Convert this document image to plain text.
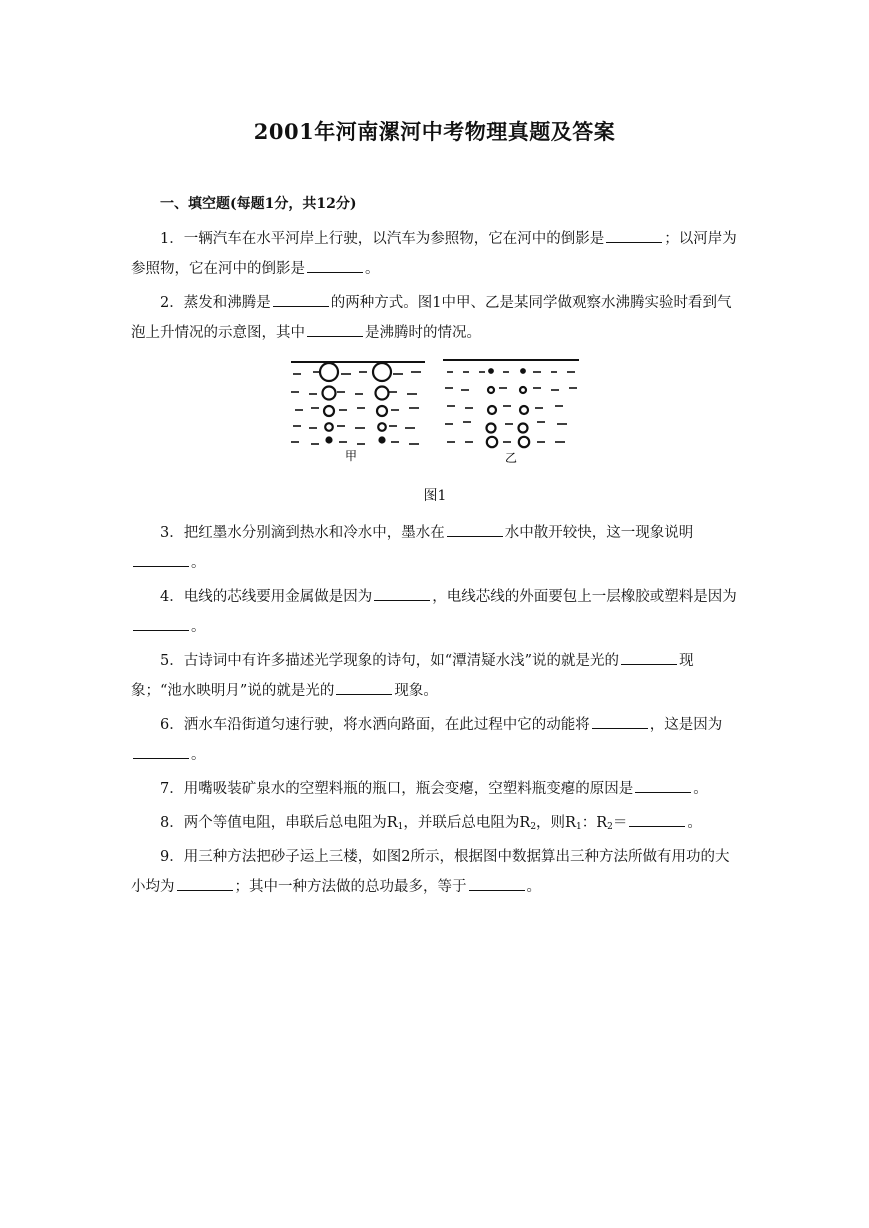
2001年河南漯河中考物理真题及答案
一、填空题(每题1分，共12分)

1．一辆汽车在水平河岸上行驶，以汽车为参照物，它在河中的倒影是	；以河岸为参照物，它在河中的倒影是	。

2．蒸发和沸腾是	的两种方式。图1中甲、乙是某同学做观察水沸腾实验时看到气泡上升情况的示意图，其中	是沸腾时的情况。

甲	乙
图1

3．把红墨水分别滴到热水和冷水中，墨水在	水中散开较快，这一现象说明。

4．电线的芯线要用金属做是因为	，电线芯线的外面要包上一层橡胶或塑料是因为。

5．古诗词中有许多描述光学现象的诗句，如“潭清疑水浅”说的就是光的	现象；“池水映明月”说的就是光的	现象。

6．洒水车沿街道匀速行驶，将水洒向路面，在此过程中它的动能将	，这是因为。

7．用嘴吸装矿泉水的空塑料瓶的瓶口，瓶会变瘪，空塑料瓶变瘪的原因是	。

8．两个等值电阻，串联后总电阻为$R_1$，并联后总电阻为$R_2$，则$R_1$：$R_2=$	。

9．用三种方法把砂子运上三楼，如图2所示，根据图中数据算出三种方法所做有用功的大小均为	；其中一种方法做的总功最多，等于	。
